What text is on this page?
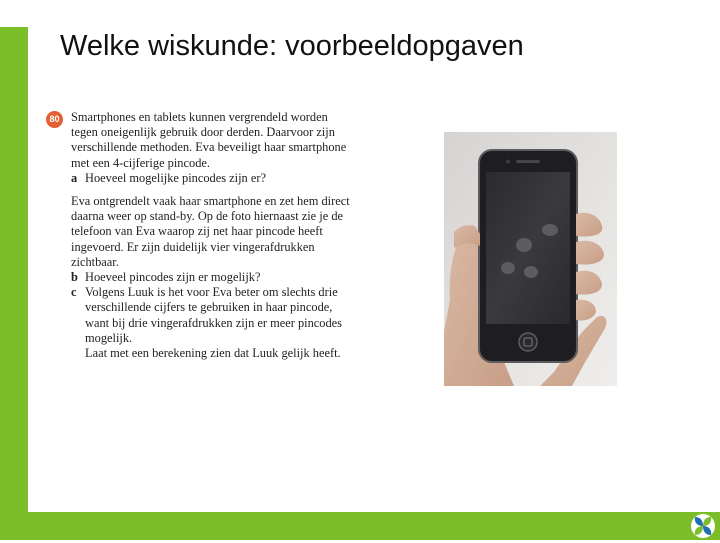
Welke wiskunde: voorbeeldopgaven
80 Smartphones en tablets kunnen vergrendeld worden
tegen oneigenlijk gebruik door derden. Daarvoor zijn
verschillende methoden. Eva beveiligt haar smartphone
met een 4-cijferige pincode.
a Hoeveel mogelijke pincodes zijn er?
Eva ontgrendelt vaak haar smartphone en zet hem direct
daarna weer op stand-by. Op de foto hiernaast zie je de
telefoon van Eva waarop zij net haar pincode heeft
ingevoerd. Er zijn duidelijk vier vingerafdrukken
zichtbaar.
b Hoeveel pincodes zijn er mogelijk?
c Volgens Luuk is het voor Eva beter om slechts drie
verschillende cijfers te gebruiken in haar pincode,
want bij drie vingerafdrukken zijn er meer pincodes
mogelijk.
Laat met een berekening zien dat Luuk gelijk heeft.
